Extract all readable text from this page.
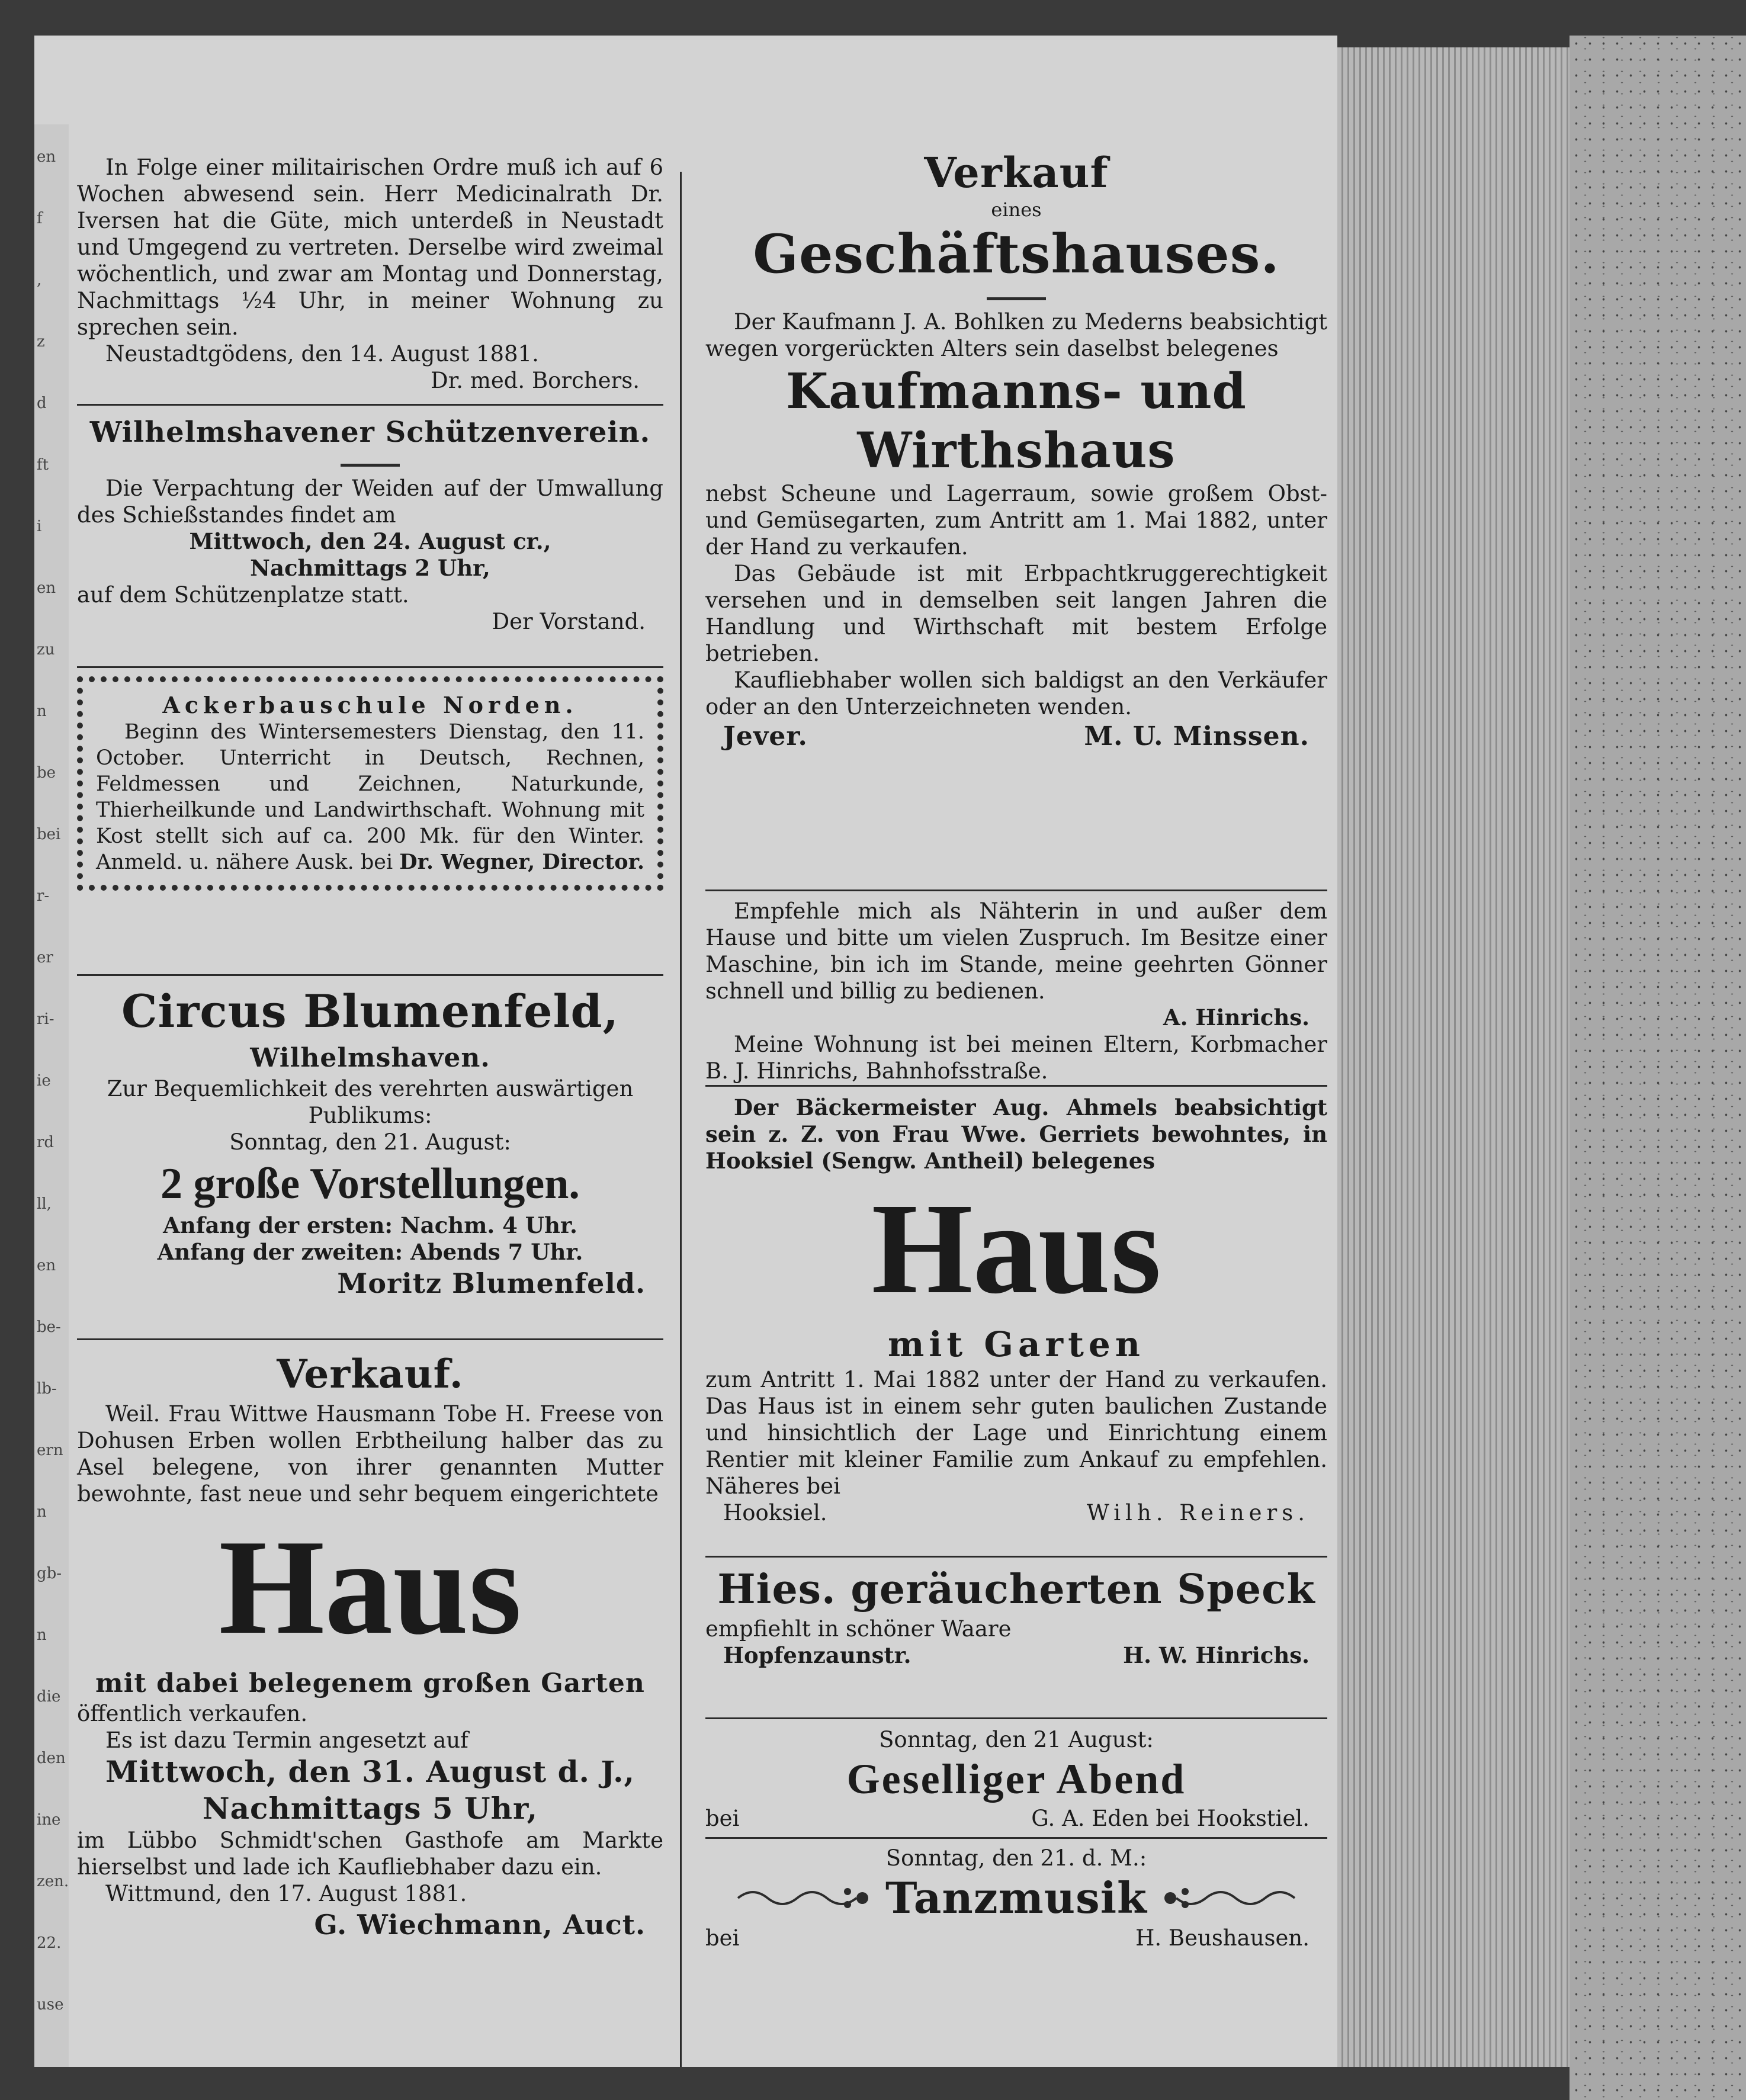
en
f
,
z
d
ft
i
en
zu
n
be
bei
r-
er
ri-
ie
rd
ll,
en
be-
lb-
ern
n
gb-
n
die
den
ine
zen.
22.
use
In Folge einer militairischen Ordre muß ich auf 6 Wochen abwesend sein. Herr Medicinalrath Dr. Iversen hat die Güte, mich unterdeß in Neustadt und Umgegend zu vertreten. Derselbe wird zweimal wöchentlich, und zwar am Montag und Donnerstag, Nachmittags ½4 Uhr, in meiner Wohnung zu sprechen sein.
Neustadtgödens, den 14. August 1881.
Dr. med. Borchers.
Wilhelmshavener Schützenverein.
Die Verpachtung der Weiden auf der Umwallung des Schießstandes findet am
Mittwoch, den 24. August cr.,
Nachmittags 2 Uhr,
auf dem Schützenplatze statt.
Der Vorstand.
Ackerbauschule Norden.
Beginn des Wintersemesters Dienstag, den 11. October. Unterricht in Deutsch, Rechnen, Feldmessen und Zeichnen, Naturkunde, Thierheilkunde und Landwirthschaft. Wohnung mit Kost stellt sich auf ca. 200 Mk. für den Winter. Anmeld. u. nähere Ausk. bei Dr. Wegner, Director.
Circus Blumenfeld,
Wilhelmshaven.
Zur Bequemlichkeit des verehrten auswärtigen Publikums:
Sonntag, den 21. August:
2 große Vorstellungen.
Anfang der ersten: Nachm. 4 Uhr.
Anfang der zweiten: Abends 7 Uhr.
Moritz Blumenfeld.
Verkauf.
Weil. Frau Wittwe Hausmann Tobe H. Freese von Dohusen Erben wollen Erbtheilung halber das zu Asel belegene, von ihrer genannten Mutter bewohnte, fast neue und sehr bequem eingerichtete
Haus
mit dabei belegenem großen Garten
öffentlich verkaufen.
Es ist dazu Termin angesetzt auf
Mittwoch, den 31. August d. J.,
Nachmittags 5 Uhr,
im Lübbo Schmidt'schen Gasthofe am Markte hierselbst und lade ich Kaufliebhaber dazu ein.
Wittmund, den 17. August 1881.
G. Wiechmann, Auct.
Verkauf
eines
Geschäftshauses.
Der Kaufmann J. A. Bohlken zu Mederns beabsichtigt wegen vorgerückten Alters sein daselbst belegenes
Kaufmanns- und
Wirthshaus
nebst Scheune und Lagerraum, sowie großem Obst- und Gemüsegarten, zum Antritt am 1. Mai 1882, unter der Hand zu verkaufen.
Das Gebäude ist mit Erbpachtkruggerechtigkeit versehen und in demselben seit langen Jahren die Handlung und Wirthschaft mit bestem Erfolge betrieben.
Kaufliebhaber wollen sich baldigst an den Verkäufer oder an den Unterzeichneten wenden.
Jever.	M. U. Minssen.
Empfehle mich als Nähterin in und außer dem Hause und bitte um vielen Zuspruch. Im Besitze einer Maschine, bin ich im Stande, meine geehrten Gönner schnell und billig zu bedienen.
A. Hinrichs.
Meine Wohnung ist bei meinen Eltern, Korbmacher B. J. Hinrichs, Bahnhofsstraße.
Der Bäckermeister Aug. Ahmels beabsichtigt sein z. Z. von Frau Wwe. Gerriets bewohntes, in Hooksiel (Sengw. Antheil) belegenes
Haus
mit Garten
zum Antritt 1. Mai 1882 unter der Hand zu verkaufen. Das Haus ist in einem sehr guten baulichen Zustande und hinsichtlich der Lage und Einrichtung einem Rentier mit kleiner Familie zum Ankauf zu empfehlen. Näheres bei
Hooksiel.	Wilh. Reiners.
Hies. geräucherten Speck
empfiehlt in schöner Waare
Hopfenzaunstr.	H. W. Hinrichs.
Sonntag, den 21 August:
Geselliger Abend
bei	G. A. Eden bei Hookstiel.
Sonntag, den 21. d. M.:
Tanzmusik
bei	H. Beushausen.
